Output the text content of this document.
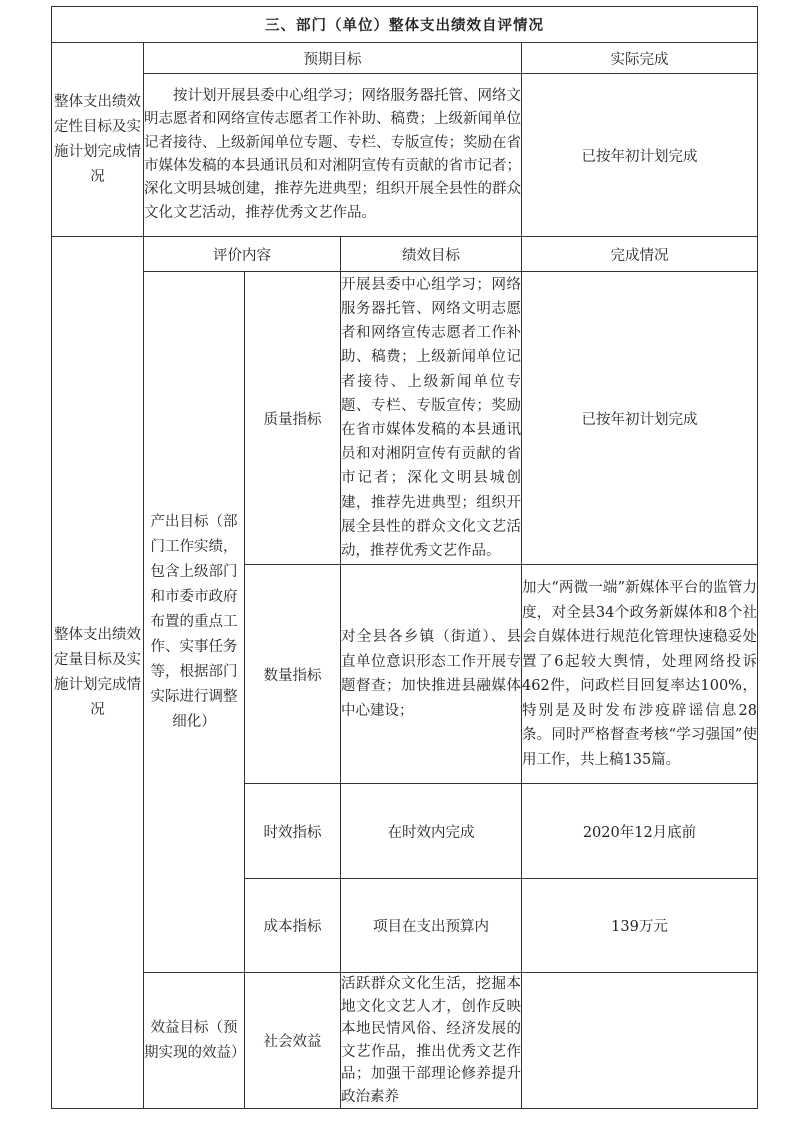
三、部门（单位）整体支出绩效自评情况				
整体支出绩效定性目标及实施计划完成情况	预期目标			实际完成
	按计划开展县委中心组学习；网络服务器托管、网络文明志愿者和网络宣传志愿者工作补助、稿费；上级新闻单位记者接待、上级新闻单位专题、专栏、专版宣传；奖励在省市媒体发稿的本县通讯员和对湘阴宣传有贡献的省市记者；深化文明县城创建，推荐先进典型；组织开展全县性的群众文化文艺活动，推荐优秀文艺作品。			已按年初计划完成
整体支出绩效定量目标及实施计划完成情况	评价内容		绩效目标	完成情况
	产出目标（部门工作实绩，包含上级部门和市委市政府布置的重点工作、实事任务等，根据部门实际进行调整细化）	质量指标	开展县委中心组学习；网络服务器托管、网络文明志愿者和网络宣传志愿者工作补助、稿费；上级新闻单位记者接待、上级新闻单位专题、专栏、专版宣传；奖励在省市媒体发稿的本县通讯员和对湘阴宣传有贡献的省市记者；深化文明县城创建，推荐先进典型；组织开展全县性的群众文化文艺活动，推荐优秀文艺作品。	已按年初计划完成
		数量指标	对全县各乡镇（街道）、县直单位意识形态工作开展专题督查；加快推进县融媒体中心建设；	加大“两微一端”新媒体平台的监管力度，对全县34个政务新媒体和8个社会自媒体进行规范化管理快速稳妥处置了6起较大舆情，处理网络投诉462件，问政栏目回复率达100%，特别是及时发布涉疫辟谣信息28条。同时严格督查考核“学习强国”使用工作，共上稿135篇。
		时效指标	在时效内完成	2020年12月底前
		成本指标	项目在支出预算内	139万元
	效益目标（预期实现的效益）	社会效益	活跃群众文化生活，挖掘本地文化文艺人才，创作反映本地民情风俗、经济发展的文艺作品，推出优秀文艺作品；加强干部理论修养提升政治素养	
